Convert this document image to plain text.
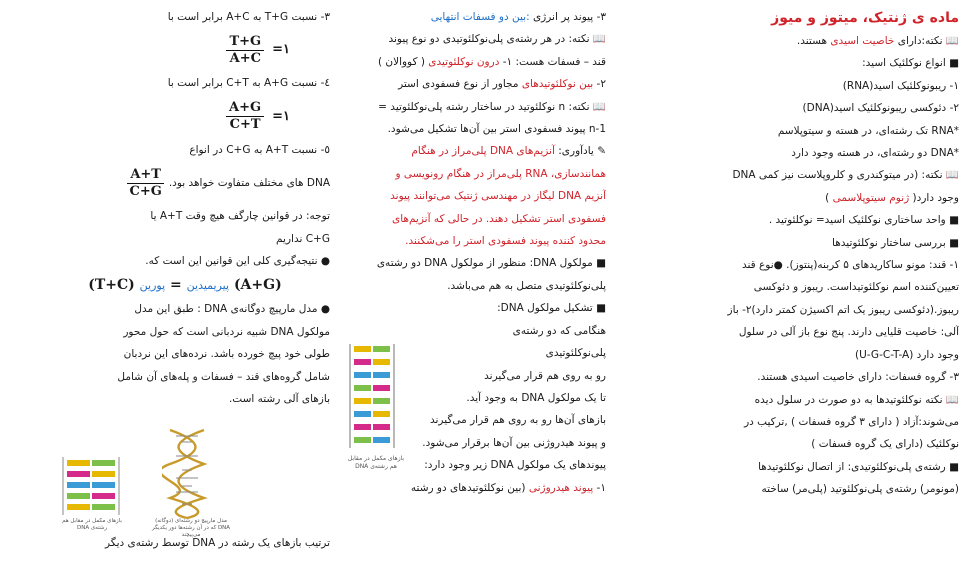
ماده ی ژنتیک، میتوز و میوز
📖 نکته:دارای خاصیت اسیدی هستند.
■ انواع نوکلئیک اسید:
۱- ریبونوکلئیک اسید(RNA)
۲- دئوکسی ریبونوکلئیک اسید(DNA)
*RNA تک رشته‌ای، در هسته و سیتوپلاسم
*DNA دو رشته‌ای، در هسته وجود دارد
📖 نکته: (در میتوکندری و کلروپلاست نیز کمی DNA
وجود دارد( ژنوم سیتوپلاسمی )
■ واحد ساختاری نوکلئیک اسید= نوکلئوتید .
■ بررسی ساختار نوکلئوتیدها
۱- قند: مونو ساکاریدهای ۵ کربنه(پنتوز). ●نوع قند
تعیین‌کننده اسم نوکلئوتیداست. ریبوز و دئوکسی
ریبوز.(دئوکسی ریبوز یک اتم اکسیژن کمتر دارد)۲- باز
آلی: خاصیت قلیایی دارند. پنج نوع باز آلی در سلول
وجود دارد (U-G-C-T-A)
۳- گروه فسفات: دارای خاصیت اسیدی هستند.
📖 نکته نوکلئوتیدها به دو صورت در سلول دیده
می‌شوند:آزاد ( دارای ۳ گروه فسفات ) ,ترکیب در
نوکلئیک (دارای یک گروه فسفات )
■ رشته‌ی پلی‌نوکلئوتیدی: از اتصال نوکلئوتیدها
(مونومر) رشته‌ی پلی‌نوکلئوتید (پلی‌مر) ساخته
۳- پیوند پر انرژی :بین دو فسفات انتهایی
📖 نکته: در هر رشته‌ی پلی‌نوکلئوتیدی دو نوع پیوند
قند – فسفات هست: ۱- درون نوکلئوتیدی ( کووالان )
۲- بین نوکلئوتیدهای مجاور از نوع فسفودی استر
📖 نکته: n نوکلئوتید در ساختار رشته پلی‌نوکلئوتید =
n-1 پیوند فسفودی استر بین آن‌ها تشکیل می‌شود.
✎ یادآوری: آنزیم‌های DNA پلی‌مراز در هنگام
همانندسازی، RNA پلی‌مراز در هنگام رونویسی و
آنزیم DNA لیگاز در مهندسی ژنتیک می‌توانند پیوند
فسفودی استر تشکیل دهند. در حالی که آنزیم‌های
محدود کننده پیوند فسفودی استر را می‌شکنند.
■ مولکول DNA: منظور از مولکول DNA دو رشته‌ی
پلی‌نوکلئوتیدی متصل به هم می‌باشد.
■ تشکیل مولکول DNA:
هنگامی که دو رشته‌ی
پلی‌نوکلئوتیدی
رو به روی هم قرار می‌گیرند
تا یک مولکول DNA به وجود آید.
بازهای آن‌ها رو به روی هم قرار می‌گیرند
و پیوند هیدروژنی بین آن‌ها برقرار می‌شود.
پیوندهای یک مولکول DNA زیر وجود دارد:
۱- پیوند هیدروژنی (بین نوکلئوتیدهای دو رشته
بازهای مکمل در مقابل هم رشته‌ی DNA
۳- نسبت T+G به A+C برابر است با
$\frac{T+G}{A+C}$ =۱
٤- نسبت A+G به C+T برابر است با
$\frac{A+G}{C+T}$ =۱
٥- نسبت A+T به C+G در انواع
DNA های مختلف متفاوت خواهد بود.
$\frac{A+T}{C+G}$
توجه: در قوانین چارگف هیچ وقت A+T یا
C+G نداریم
● نتیجه‌گیری کلی این قوانین این است که.
(T+C)	پیریمیدین = پورین	(A+G)
● مدل مارپیچ دوگانه‌ی DNA : طبق این مدل
مولکول DNA شبیه نردبانی است که حول محور
طولی خود پیچ خورده باشد. نرده‌های این نردبان
شامل گروه‌های قند – فسفات و پله‌های آن شامل
بازهای آلی رشته است.
بازهای مکمل در مقابل هم رشته‌ی DNA
مدل مارپیچ دو رشته‌ای (دوگانه) DNA که در آن رشته‌ها دور یکدیگر می‌پیچند
ترتیب بازهای یک رشته در DNA توسط رشته‌ی دیگر
